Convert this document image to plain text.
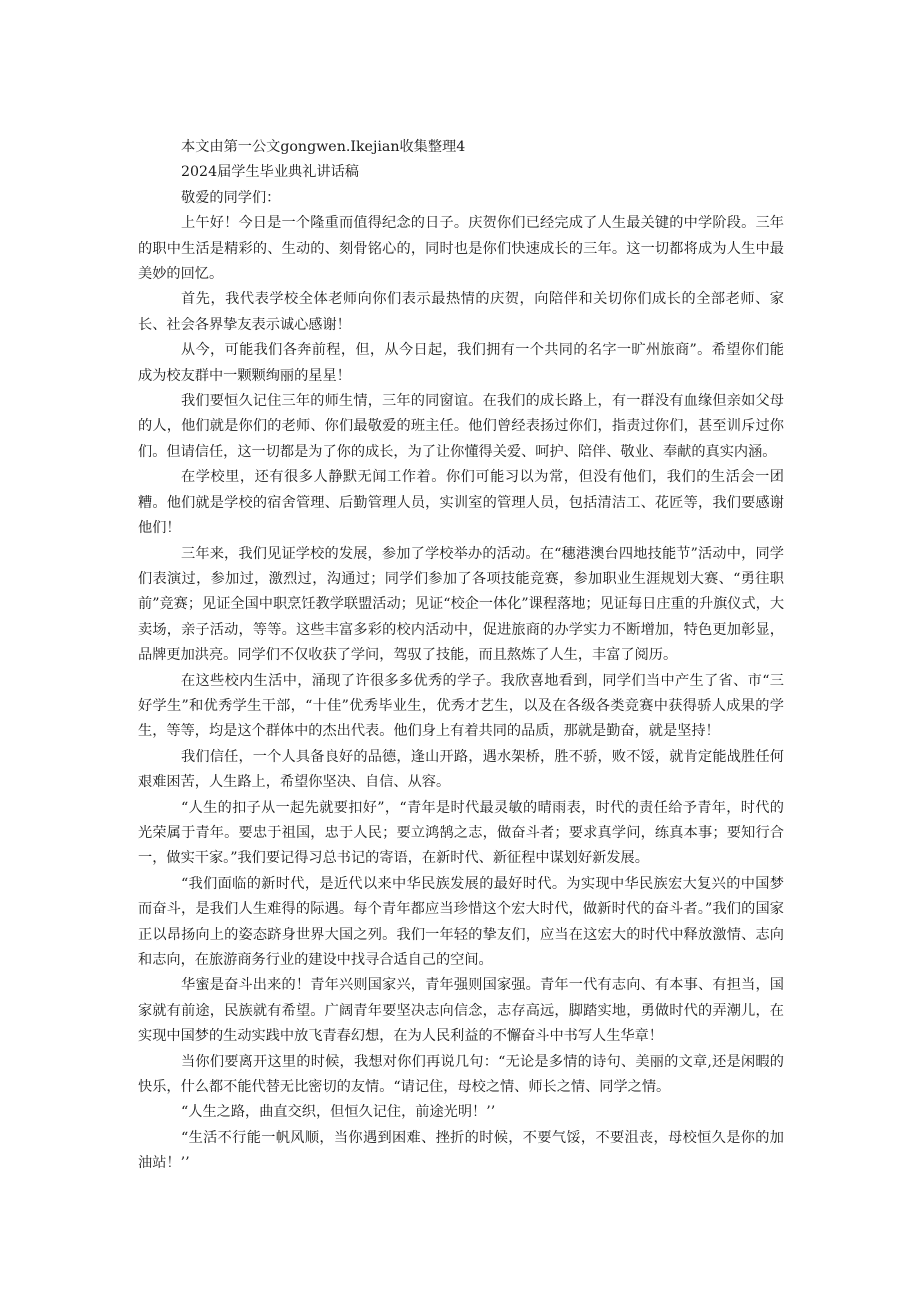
本文由第一公文gongwen.Ikejian收集整理4

2024届学生毕业典礼讲话稿

敬爱的同学们：

上午好！今日是一个隆重而值得纪念的日子。庆贺你们已经完成了人生最关键的中学阶段。三年的职中生活是精彩的、生动的、刻骨铭心的，同时也是你们快速成长的三年。这一切都将成为人生中最美妙的回忆。

首先，我代表学校全体老师向你们表示最热情的庆贺，向陪伴和关切你们成长的全部老师、家长、社会各界挚友表示诚心感谢！

从今，可能我们各奔前程，但，从今日起，我们拥有一个共同的名字一旷州旅商”。希望你们能成为校友群中一颗颗绚丽的星星！

我们要恒久记住三年的师生情，三年的同窗谊。在我们的成长路上，有一群没有血缘但亲如父母的人，他们就是你们的老师、你们最敬爱的班主任。他们曾经表扬过你们，指责过你们，甚至训斥过你们。但请信任，这一切都是为了你的成长，为了让你懂得关爱、呵护、陪伴、敬业、奉献的真实内涵。

在学校里，还有很多人静默无闻工作着。你们可能习以为常，但没有他们，我们的生活会一团糟。他们就是学校的宿舍管理、后勤管理人员，实训室的管理人员，包括清洁工、花匠等，我们要感谢他们！

三年来，我们见证学校的发展，参加了学校举办的活动。在“穗港澳台四地技能节”活动中，同学们表演过，参加过，激烈过，沟通过；同学们参加了各项技能竞赛，参加职业生涯规划大赛、“勇往职前”竞赛；见证全国中职烹饪教学联盟活动；见证“校企一体化”课程落地；见证每日庄重的升旗仪式，大卖场，亲子活动，等等。这些丰富多彩的校内活动中，促进旅商的办学实力不断增加，特色更加彰显，品牌更加洪亮。同学们不仅收获了学问，驾驭了技能，而且熬炼了人生，丰富了阅历。

在这些校内生活中，涌现了许很多多优秀的学子。我欣喜地看到，同学们当中产生了省、市“三好学生”和优秀学生干部，“十佳”优秀毕业生，优秀才艺生，以及在各级各类竞赛中获得骄人成果的学生，等等，均是这个群体中的杰出代表。他们身上有着共同的品质，那就是勤奋，就是坚持！

我们信任，一个人具备良好的品德，逢山开路，遇水架桥，胜不骄，败不馁，就肯定能战胜任何艰难困苦，人生路上，希望你坚决、自信、从容。

“人生的扣子从一起先就要扣好”，“青年是时代最灵敏的晴雨表，时代的责任给予青年，时代的光荣属于青年。要忠于祖国，忠于人民；要立鸿鹄之志，做奋斗者；要求真学问，练真本事；要知行合一，做实干家。”我们要记得习总书记的寄语，在新时代、新征程中谋划好新发展。

“我们面临的新时代，是近代以来中华民族发展的最好时代。为实现中华民族宏大复兴的中国梦而奋斗，是我们人生难得的际遇。每个青年都应当珍惜这个宏大时代，做新时代的奋斗者。”我们的国家正以昂扬向上的姿态跻身世界大国之列。我们一年轻的挚友们，应当在这宏大的时代中释放激情、志向和志向，在旅游商务行业的建设中找寻合适自己的空间。

华蜜是奋斗出来的！青年兴则国家兴，青年强则国家强。青年一代有志向、有本事、有担当，国家就有前途，民族就有希望。广阔青年要坚决志向信念，志存高远，脚踏实地，勇做时代的弄潮儿，在实现中国梦的生动实践中放飞青春幻想，在为人民利益的不懈奋斗中书写人生华章！

当你们要离开这里的时候，我想对你们再说几句：“无论是多情的诗句、美丽的文章,还是闲暇的快乐，什么都不能代替无比密切的友情。“请记住，母校之情、师长之情、同学之情。

“人生之路，曲直交织，但恒久记住，前途光明！’’

“生活不行能一帆风顺，当你遇到困难、挫折的时候，不要气馁，不要沮丧，母校恒久是你的加油站！’’
